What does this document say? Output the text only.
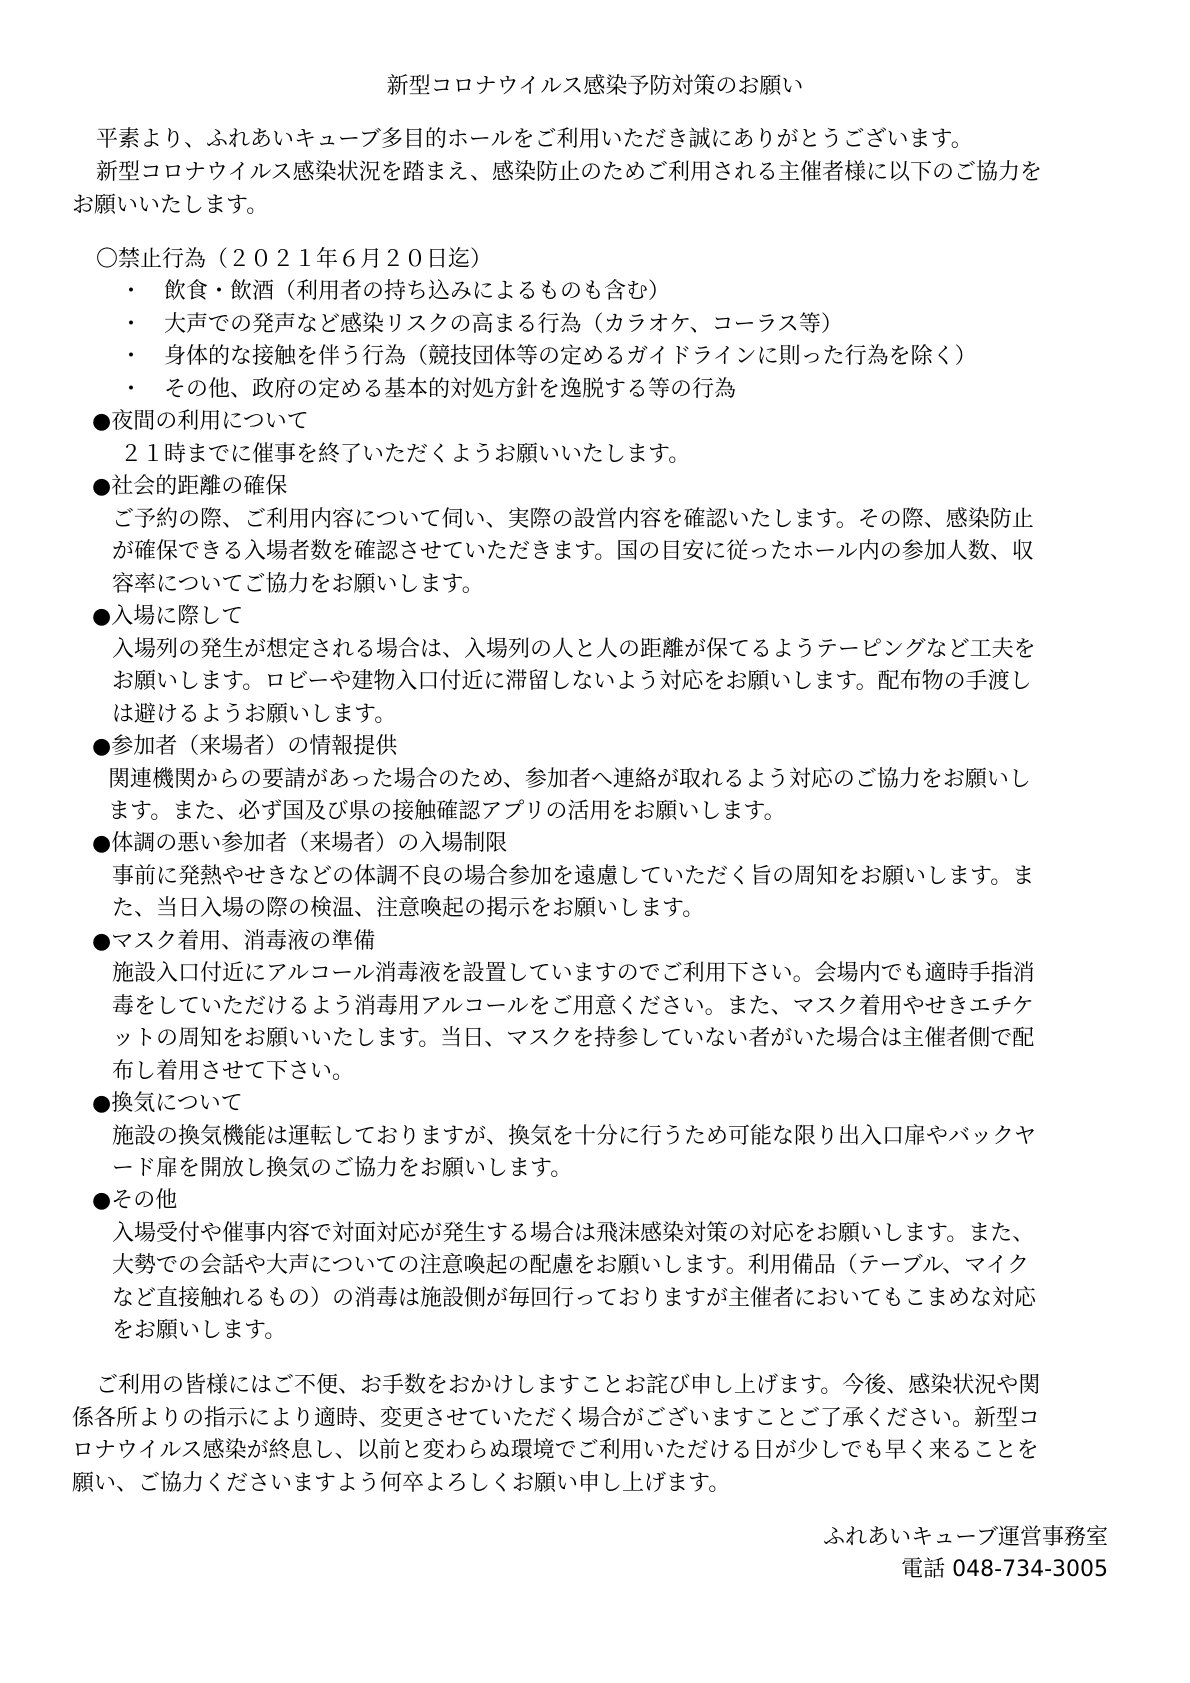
新型コロナウイルス感染予防対策のお願い
平素より、ふれあいキューブ多目的ホールをご利用いただき誠にありがとうございます。
新型コロナウイルス感染状況を踏まえ、感染防止のためご利用される主催者様に以下のご協力を
お願いいたします。
〇禁止行為（２０２１年６月２０日迄）
・　飲食・飲酒（利用者の持ち込みによるものも含む）
・　大声での発声など感染リスクの高まる行為（カラオケ、コーラス等）
・　身体的な接触を伴う行為（競技団体等の定めるガイドラインに則った行為を除く）
・　その他、政府の定める基本的対処方針を逸脱する等の行為
●夜間の利用について
２１時までに催事を終了いただくようお願いいたします。
●社会的距離の確保
ご予約の際、ご利用内容について伺い、実際の設営内容を確認いたします。その際、感染防止
が確保できる入場者数を確認させていただきます。国の目安に従ったホール内の参加人数、収
容率についてご協力をお願いします。
●入場に際して
入場列の発生が想定される場合は、入場列の人と人の距離が保てるようテーピングなど工夫を
お願いします。ロビーや建物入口付近に滞留しないよう対応をお願いします。配布物の手渡し
は避けるようお願いします。
●参加者（来場者）の情報提供
関連機関からの要請があった場合のため、参加者へ連絡が取れるよう対応のご協力をお願いし
ます。また、必ず国及び県の接触確認アプリの活用をお願いします。
●体調の悪い参加者（来場者）の入場制限
事前に発熱やせきなどの体調不良の場合参加を遠慮していただく旨の周知をお願いします。ま
た、当日入場の際の検温、注意喚起の掲示をお願いします。
●マスク着用、消毒液の準備
施設入口付近にアルコール消毒液を設置していますのでご利用下さい。会場内でも適時手指消
毒をしていただけるよう消毒用アルコールをご用意ください。また、マスク着用やせきエチケ
ットの周知をお願いいたします。当日、マスクを持参していない者がいた場合は主催者側で配
布し着用させて下さい。
●換気について
施設の換気機能は運転しておりますが、換気を十分に行うため可能な限り出入口扉やバックヤ
ード扉を開放し換気のご協力をお願いします。
●その他
入場受付や催事内容で対面対応が発生する場合は飛沫感染対策の対応をお願いします。また、
大勢での会話や大声についての注意喚起の配慮をお願いします。利用備品（テーブル、マイク
など直接触れるもの）の消毒は施設側が毎回行っておりますが主催者においてもこまめな対応
をお願いします。
ご利用の皆様にはご不便、お手数をおかけしますことお詫び申し上げます。今後、感染状況や関
係各所よりの指示により適時、変更させていただく場合がございますことご了承ください。新型コ
ロナウイルス感染が終息し、以前と変わらぬ環境でご利用いただける日が少しでも早く来ることを
願い、ご協力くださいますよう何卒よろしくお願い申し上げます。
ふれあいキューブ運営事務室
電話 048-734-3005
